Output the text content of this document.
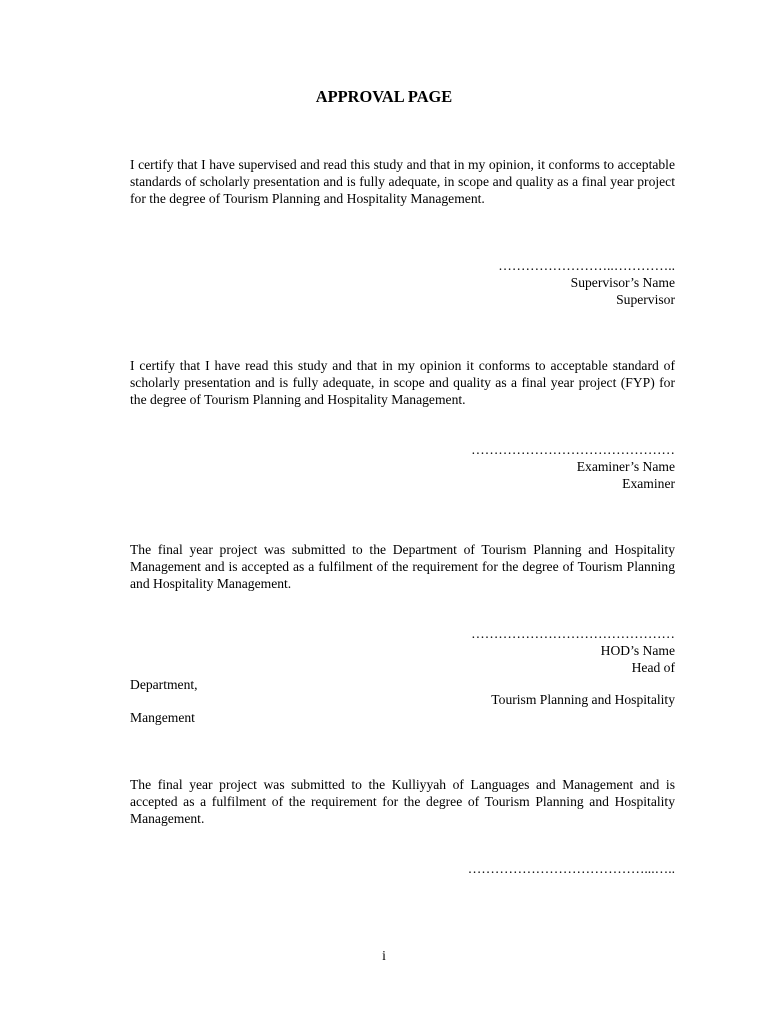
APPROVAL PAGE

I certify that I have supervised and read this study and that in my opinion, it conforms to acceptable standards of scholarly presentation and is fully adequate, in scope and quality as a final year project for the degree of Tourism Planning and Hospitality Management.

……………………..…………..
Supervisor’s Name
Supervisor

I certify that I have read this study and that in my opinion it conforms to acceptable standard of scholarly presentation and is fully adequate, in scope and quality as a final year project (FYP) for the degree of Tourism Planning and Hospitality Management.

………………………………………
Examiner’s Name
Examiner

The final year project was submitted to the Department of Tourism Planning and Hospitality Management and is accepted as a fulfilment of the requirement for the degree of Tourism Planning and Hospitality Management.

………………………………………
HOD’s Name
Head of
Department,
Tourism Planning and Hospitality
Mangement

The final year project was submitted to the Kulliyyah of Languages and Management and is accepted as a fulfilment of the requirement for the degree of Tourism Planning and Hospitality Management.

…………………………………...…..
i
